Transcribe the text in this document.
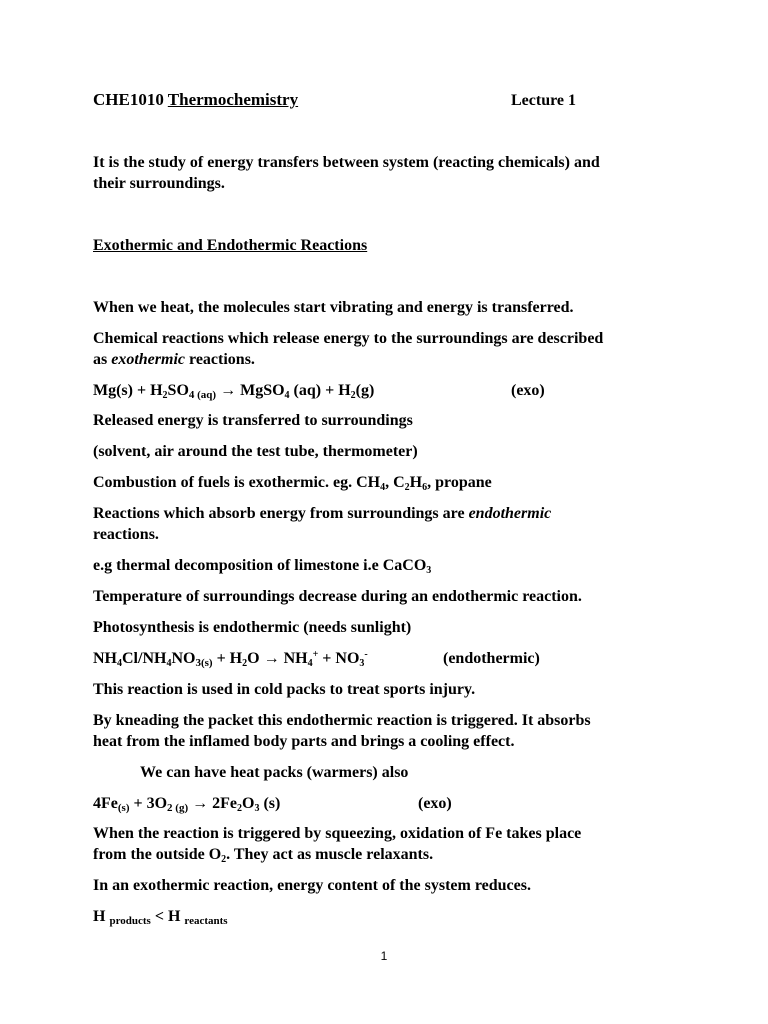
CHE1010 Thermochemistry	Lecture 1
It is the study of energy transfers between system (reacting chemicals) and
their surroundings.
Exothermic and Endothermic Reactions
When we heat, the molecules start vibrating and energy is transferred.
Chemical reactions which release energy to the surroundings are described
as exothermic reactions.
$Mg(s) + H_2SO_{4 (aq)}$ → MgSO$_4$ $(aq) + H_2(g)$	(exo)
Released energy is transferred to surroundings
(solvent, air around the test tube, thermometer)
Combustion of fuels is exothermic. eg. $CH_4$, $C_2H_6$, propane
Reactions which absorb energy from surroundings are endothermic
reactions.
e.g thermal decomposition of limestone i.e CaCO$_3$
Temperature of surroundings decrease during an endothermic reaction.
Photosynthesis is endothermic (needs sunlight)
$NH_4Cl/NH_4NO_{3(s)} + H_2O \to NH_4^+ + NO_3^-$	(endothermic)
This reaction is used in cold packs to treat sports injury.
By kneading the packet this endothermic reaction is triggered. It absorbs
heat from the inflamed body parts and brings a cooling effect.
We can have heat packs (warmers) also
$4Fe_{(s)} + 3O_{2 (g)} \to 2Fe_2O_3$ (s)	(exo)
When the reaction is triggered by squeezing, oxidation of Fe takes place
from the outside $O_2$. They act as muscle relaxants.
In an exothermic reaction, energy content of the system reduces.
H $_{products}$ < H $_{reactants}$
1
